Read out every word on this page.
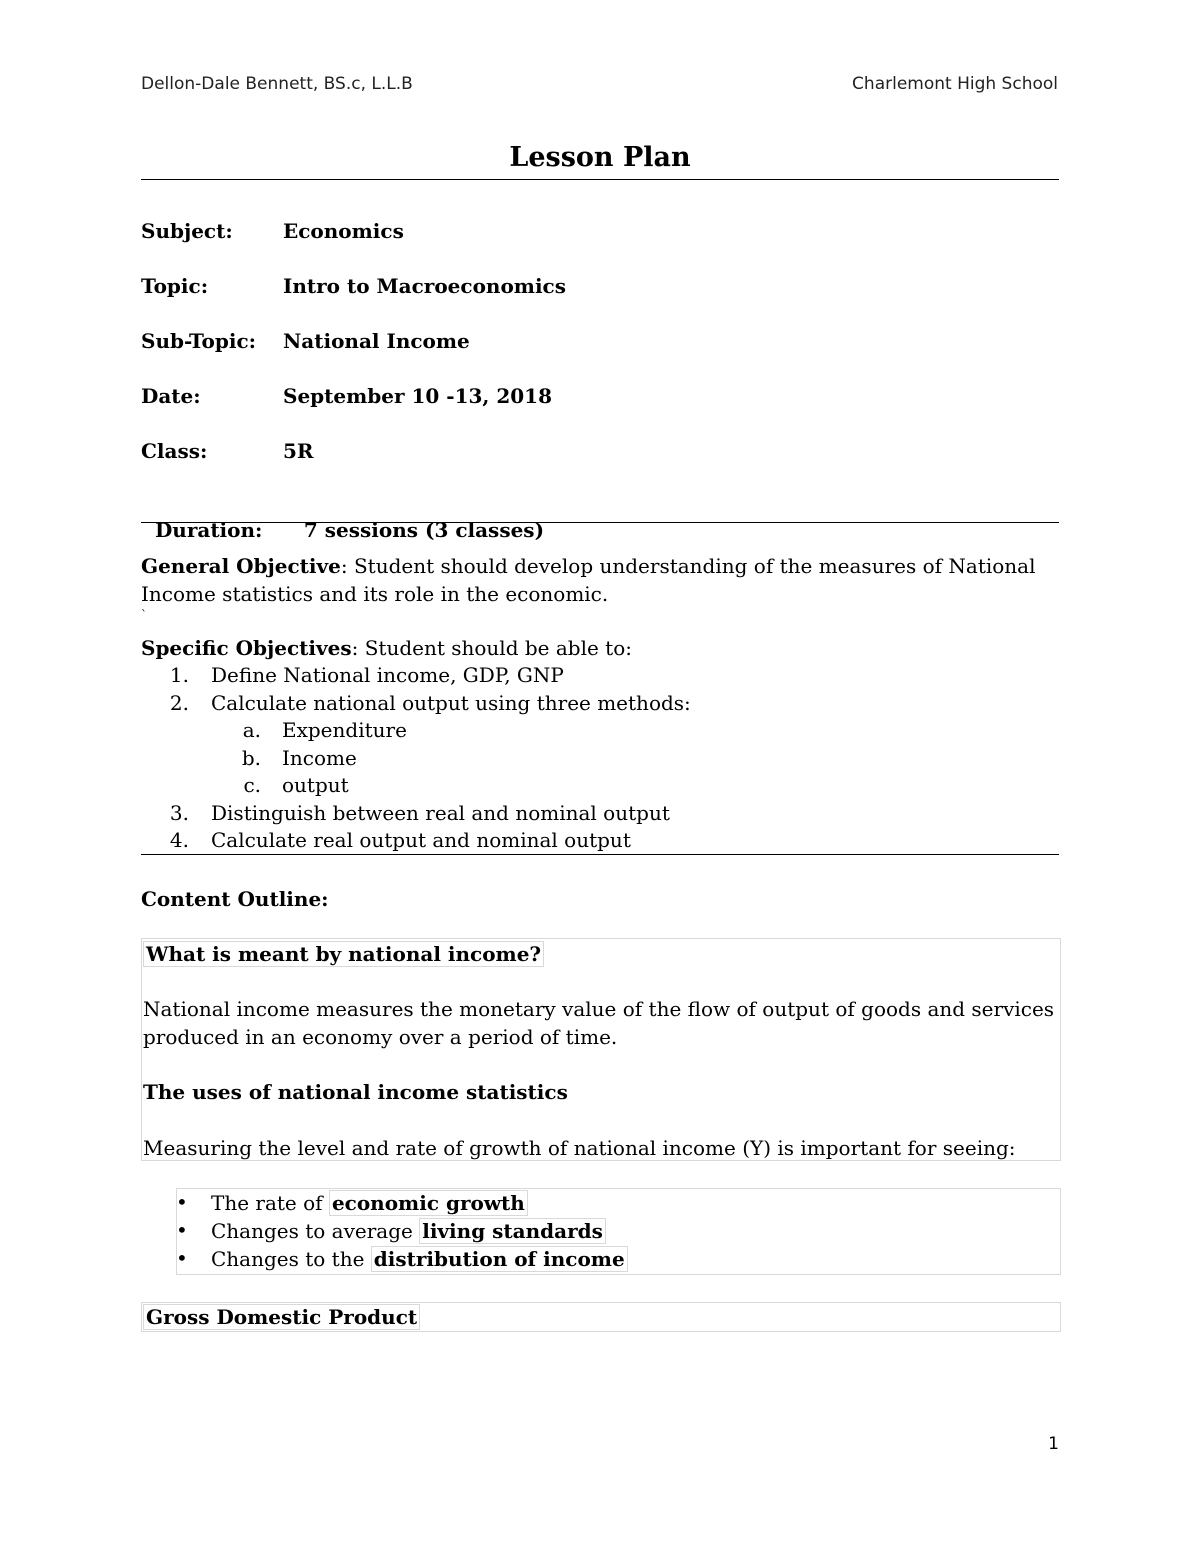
Dellon-Dale Bennett, BS.c, L.L.B	Charlemont High School
Lesson Plan
Subject:	Economics
Topic:	Intro to Macroeconomics
Sub-Topic: National Income
Date:	September 10 -13, 2018
Class:	5R

Duration: 7 sessions (3 classes)

General Objective: Student should develop understanding of the measures of National Income statistics and its role in the economic.
`
Specific Objectives: Student should be able to:
1. Define National income, GDP, GNP
2. Calculate national output using three methods:
a. Expenditure
b. Income
c. output
3. Distinguish between real and nominal output
4. Calculate real output and nominal output
Content Outline:
What is meant by national income?
National income measures the monetary value of the flow of output of goods and services produced in an economy over a period of time.
The uses of national income statistics
Measuring the level and rate of growth of national income (Y) is important for seeing:
• The rate of economic growth
• Changes to average living standards
• Changes to the distribution of income
Gross Domestic Product
1
